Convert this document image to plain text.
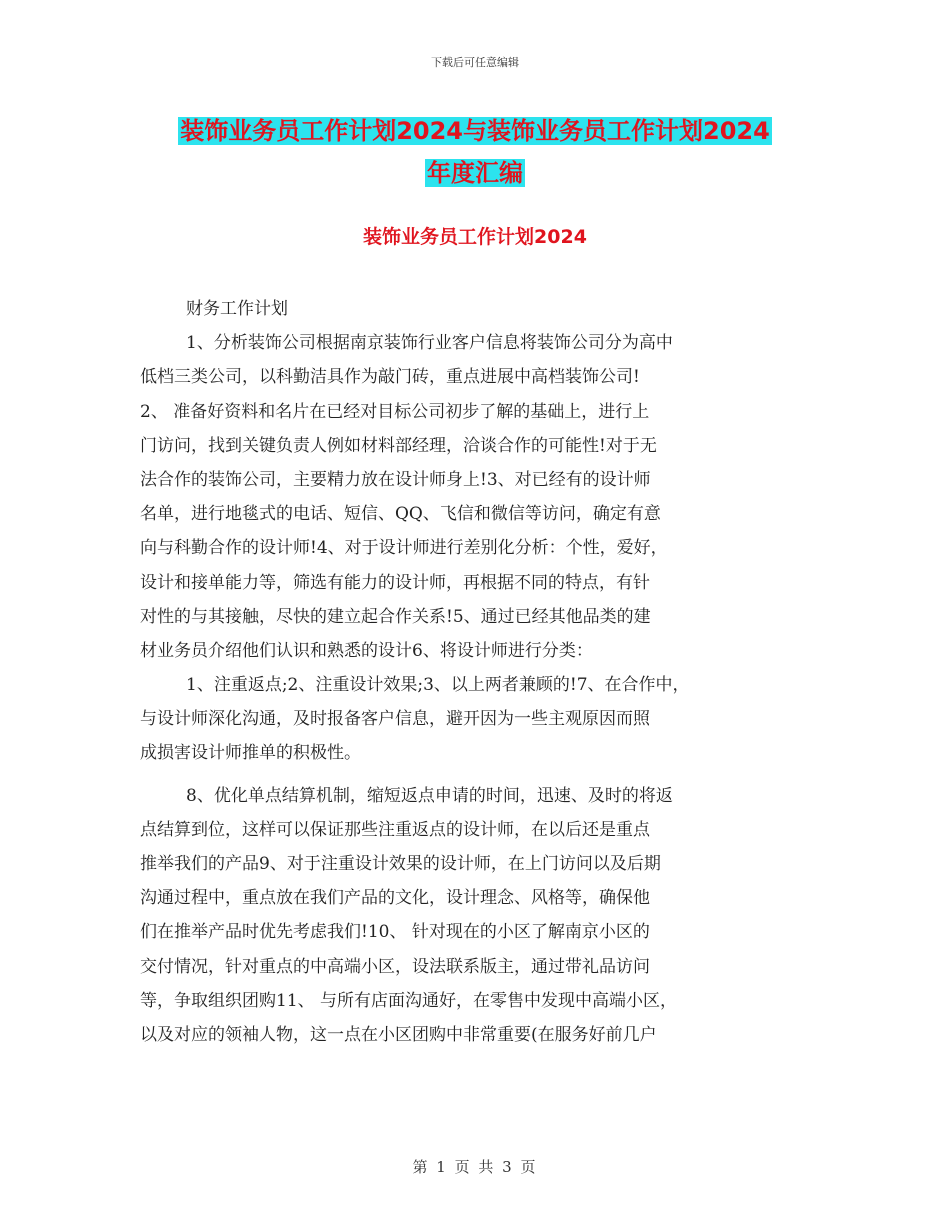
下载后可任意编辑
装饰业务员工作计划2024与装饰业务员工作计划2024
年度汇编
装饰业务员工作计划2024
财务工作计划
1、分析装饰公司根据南京装饰行业客户信息将装饰公司分为高中
低档三类公司，以科勤洁具作为敲门砖，重点进展中高档装饰公司!
2、 准备好资料和名片在已经对目标公司初步了解的基础上，进行上
门访问，找到关键负责人例如材料部经理，洽谈合作的可能性!对于无
法合作的装饰公司，主要精力放在设计师身上!3、对已经有的设计师
名单，进行地毯式的电话、短信、QQ、飞信和微信等访问，确定有意
向与科勤合作的设计师!4、对于设计师进行差别化分析：个性，爱好，
设计和接单能力等，筛选有能力的设计师，再根据不同的特点，有针
对性的与其接触，尽快的建立起合作关系!5、通过已经其他品类的建
材业务员介绍他们认识和熟悉的设计6、将设计师进行分类：
1、注重返点;2、注重设计效果;3、以上两者兼顾的!7、在合作中，
与设计师深化沟通，及时报备客户信息，避开因为一些主观原因而照
成损害设计师推单的积极性。
8、优化单点结算机制，缩短返点申请的时间，迅速、及时的将返
点结算到位，这样可以保证那些注重返点的设计师，在以后还是重点
推举我们的产品9、对于注重设计效果的设计师，在上门访问以及后期
沟通过程中，重点放在我们产品的文化，设计理念、风格等，确保他
们在推举产品时优先考虑我们!10、 针对现在的小区了解南京小区的
交付情况，针对重点的中高端小区，设法联系版主，通过带礼品访问
等，争取组织团购11、 与所有店面沟通好，在零售中发现中高端小区，
以及对应的领袖人物，这一点在小区团购中非常重要(在服务好前几户
第 1 页 共 3 页
